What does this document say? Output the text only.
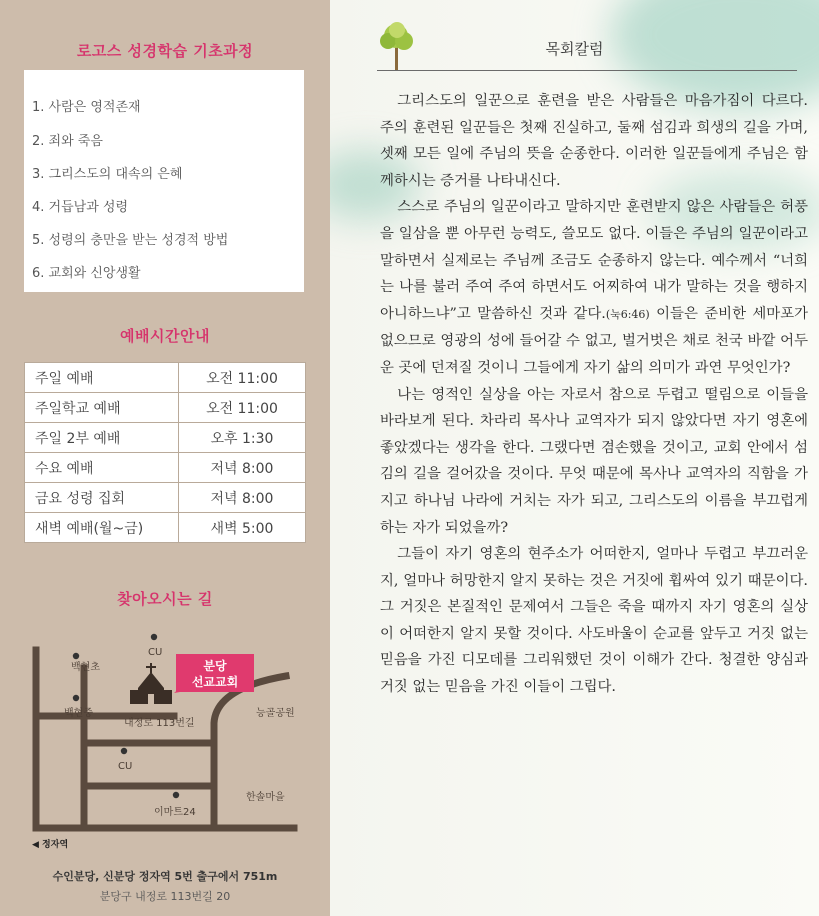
로고스 성경학습 기초과정
1. 사람은 영적존재
2. 죄와 죽음
3. 그리스도의 대속의 은혜
4. 거듭남과 성령
5. 성령의 충만을 받는 성경적 방법
6. 교회와 신앙생활
예배시간안내
주일 예배	오전 11:00
주일학교 예배	오전 11:00
주일 2부 예배	오후 1:30
수요 예배	저녁 8:00
금요 성령 집회	저녁 8:00
새벽 예배(월~금)	새벽 5:00
찾아오시는 길
분당
선교교회
CU
백현초
백현중
내정로 113번길
능골공원
CU
이마트24
한솔마을
◀ 정자역
수인분당, 신분당 정자역 5번 출구에서 751m
분당구 내정로 113번길 20
목회칼럼

그리스도의 일꾼으로 훈련을 받은 사람들은 마음가짐이 다르다. 주의 훈련된 일꾼들은 첫째 진실하고, 둘째 섬김과 희생의 길을 가며, 셋째 모든 일에 주님의 뜻을 순종한다. 이러한 일꾼들에게 주님은 함께하시는 증거를 나타내신다.

스스로 주님의 일꾼이라고 말하지만 훈련받지 않은 사람들은 허풍을 일삼을 뿐 아무런 능력도, 쓸모도 없다. 이들은 주님의 일꾼이라고 말하면서 실제로는 주님께 조금도 순종하지 않는다. 예수께서 “너희는 나를 불러 주여 주여 하면서도 어찌하여 내가 말하는 것을 행하지 아니하느냐”고 말씀하신 것과 같다.(눅6:46) 이들은 준비한 세마포가 없으므로 영광의 성에 들어갈 수 없고, 벌거벗은 채로 천국 바깥 어두운 곳에 던져질 것이니 그들에게 자기 삶의 의미가 과연 무엇인가?

나는 영적인 실상을 아는 자로서 참으로 두렵고 떨림으로 이들을 바라보게 된다. 차라리 목사나 교역자가 되지 않았다면 자기 영혼에 좋았겠다는 생각을 한다. 그랬다면 겸손했을 것이고, 교회 안에서 섬김의 길을 걸어갔을 것이다. 무엇 때문에 목사나 교역자의 직함을 가지고 하나님 나라에 거치는 자가 되고, 그리스도의 이름을 부끄럽게 하는 자가 되었을까?

그들이 자기 영혼의 현주소가 어떠한지, 얼마나 두렵고 부끄러운지, 얼마나 허망한지 알지 못하는 것은 거짓에 휩싸여 있기 때문이다. 그 거짓은 본질적인 문제여서 그들은 죽을 때까지 자기 영혼의 실상이 어떠한지 알지 못할 것이다. 사도바울이 순교를 앞두고 거짓 없는 믿음을 가진 디모데를 그리워했던 것이 이해가 간다. 청결한 양심과 거짓 없는 믿음을 가진 이들이 그립다.
